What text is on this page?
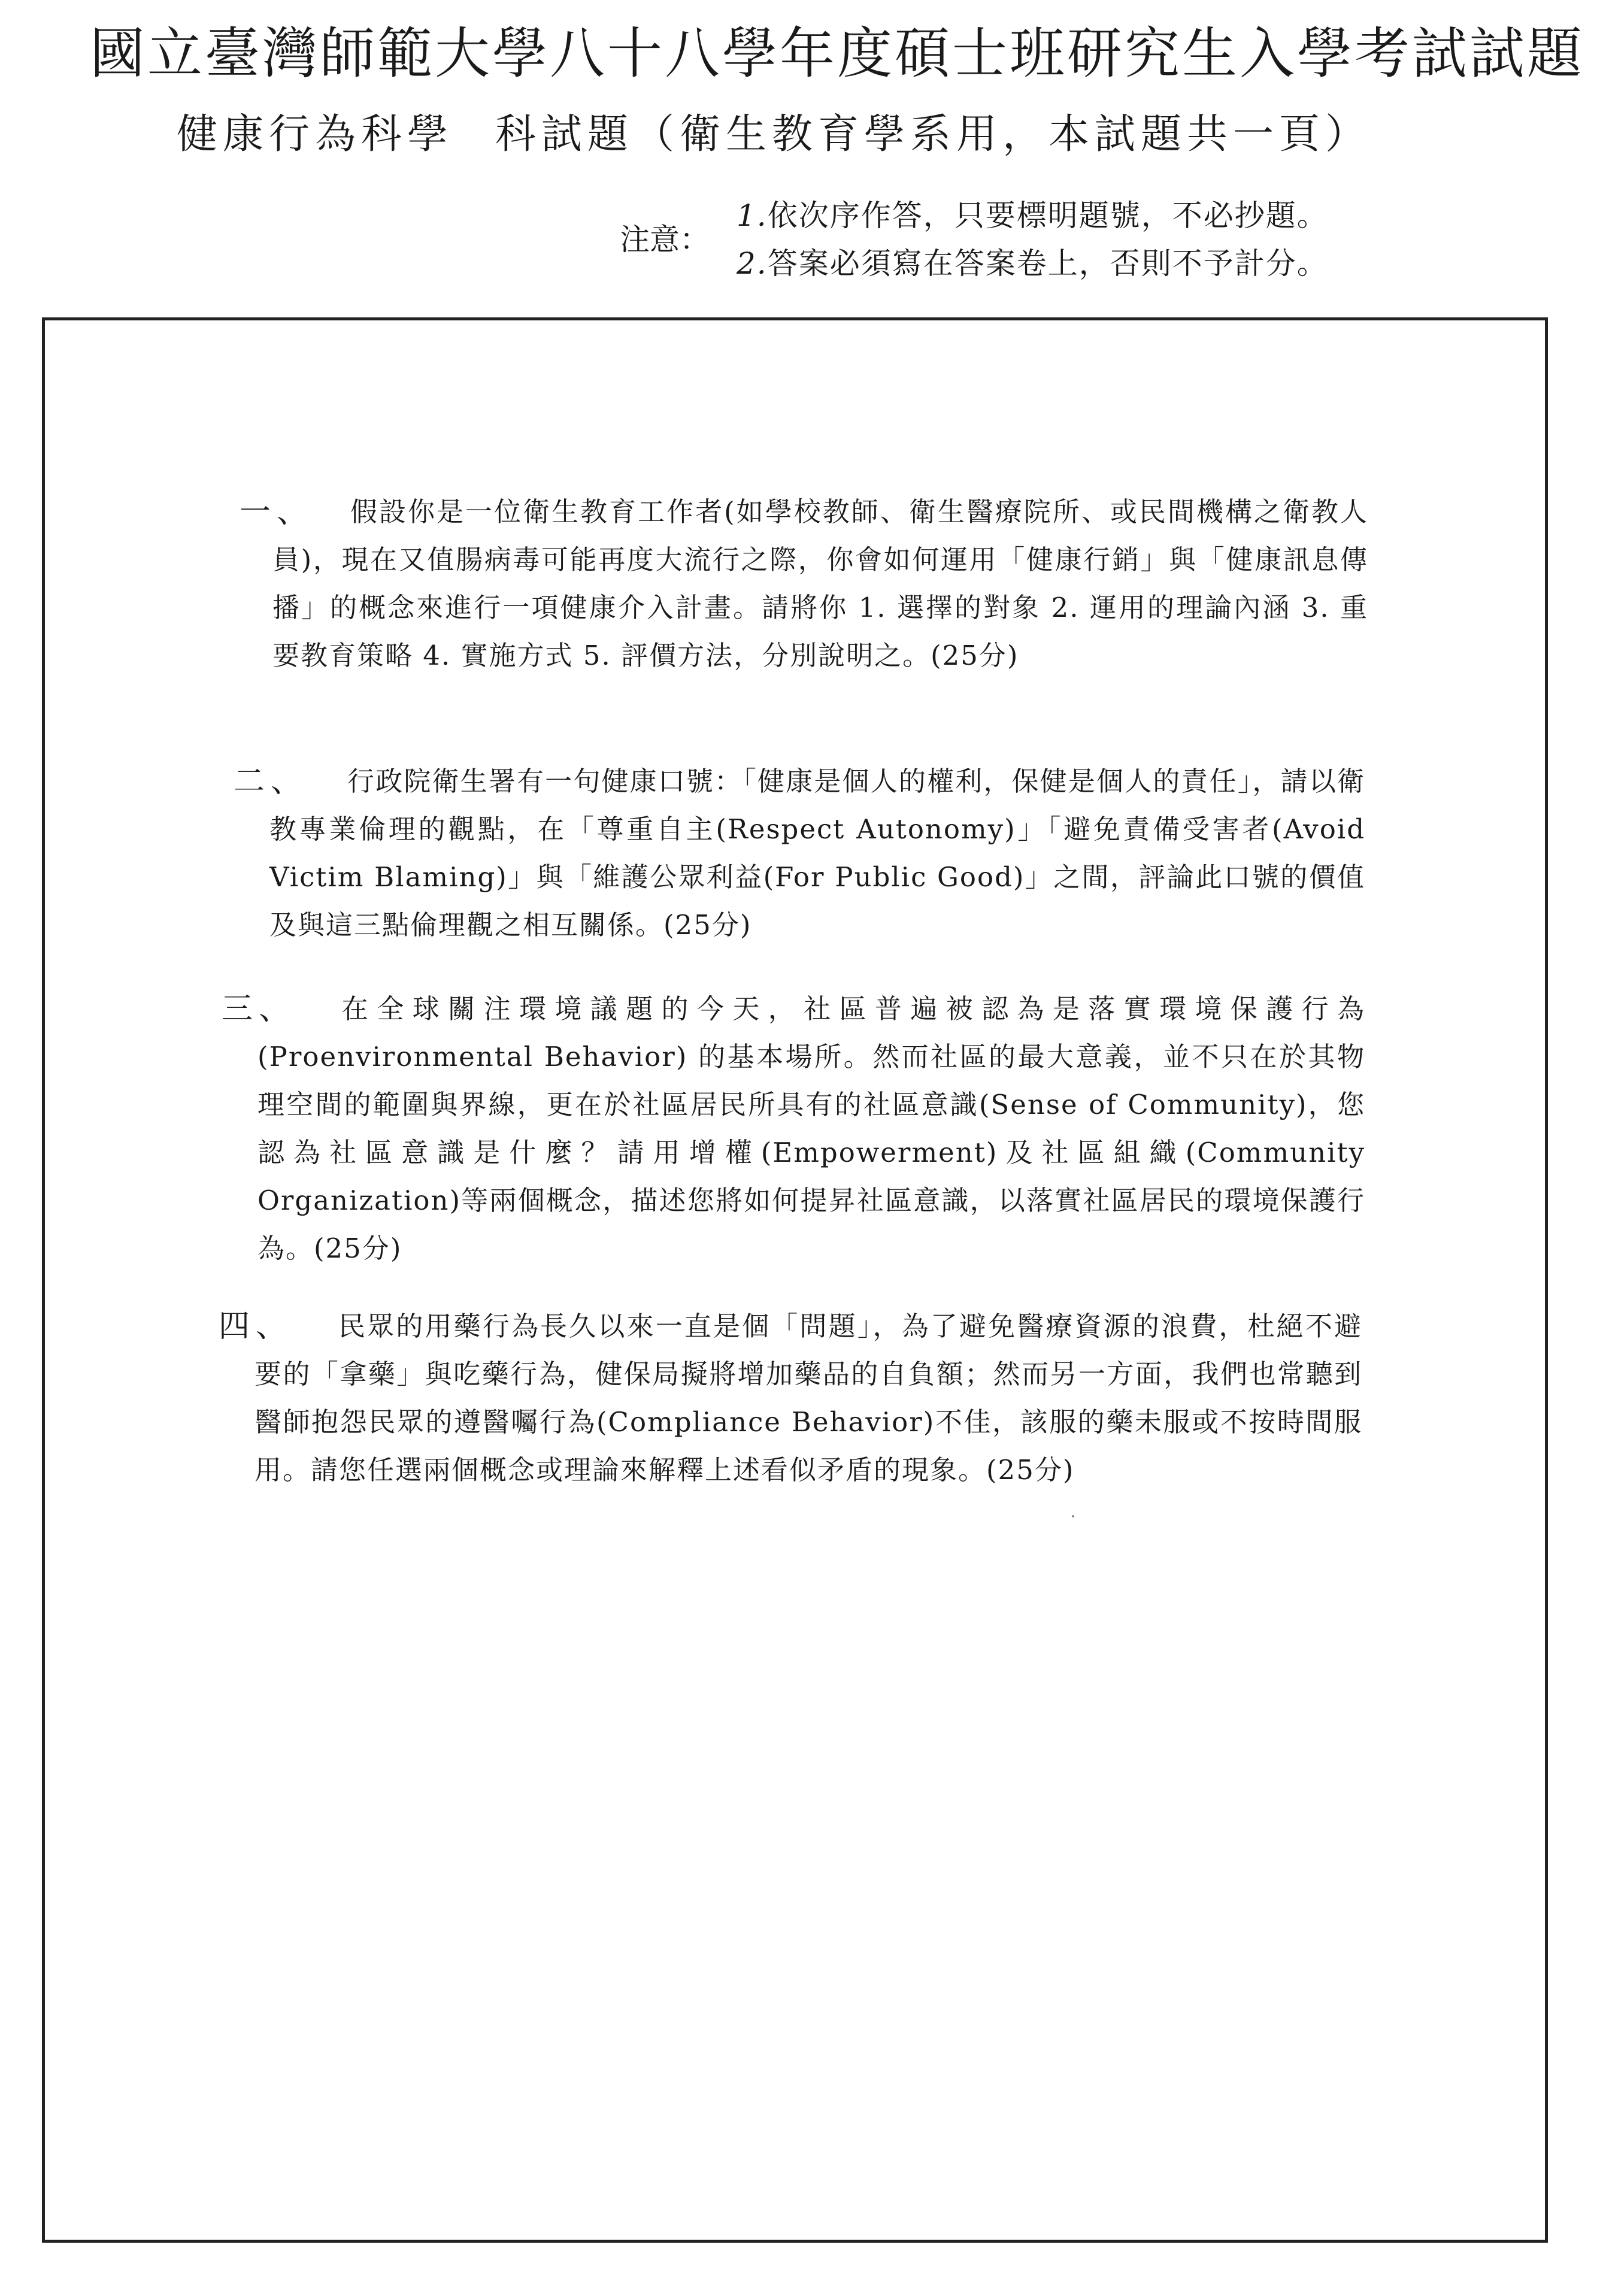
國立臺灣師範大學八十八學年度碩士班研究生入學考試試題
健康行為科學 科試題（衛生教育學系用，本試題共一頁）
注意：
1.依次序作答，只要標明題號，不必抄題。
2.答案必須寫在答案卷上，否則不予計分。
一、	假設你是一位衛生教育工作者(如學校教師、衛生醫療院所、或民間機構之衛教人員)，現在又值腸病毒可能再度大流行之際，你會如何運用「健康行銷」與「健康訊息傳播」的概念來進行一項健康介入計畫。請將你 1. 選擇的對象 2. 運用的理論內涵 3. 重要教育策略 4. 實施方式 5. 評價方法，分別說明之。(25分)
二、	行政院衛生署有一句健康口號：「健康是個人的權利，保健是個人的責任」，請以衛教專業倫理的觀點，在「尊重自主(Respect Autonomy)」「避免責備受害者(Avoid Victim Blaming)」與「維護公眾利益(For Public Good)」之間，評論此口號的價值及與這三點倫理觀之相互關係。(25分)
三、	在全球關注環境議題的今天，社區普遍被認為是落實環境保護行為(Proenvironmental Behavior) 的基本場所。然而社區的最大意義，並不只在於其物理空間的範圍與界線，更在於社區居民所具有的社區意識(Sense of Community)，您認為社區意識是什麼？請用增權(Empowerment)及社區組織(Community Organization)等兩個概念，描述您將如何提昇社區意識，以落實社區居民的環境保護行為。(25分)
四、	民眾的用藥行為長久以來一直是個「問題」，為了避免醫療資源的浪費，杜絕不避要的「拿藥」與吃藥行為，健保局擬將增加藥品的自負額；然而另一方面，我們也常聽到醫師抱怨民眾的遵醫囑行為(Compliance Behavior)不佳，該服的藥未服或不按時間服用。請您任選兩個概念或理論來解釋上述看似矛盾的現象。(25分)
